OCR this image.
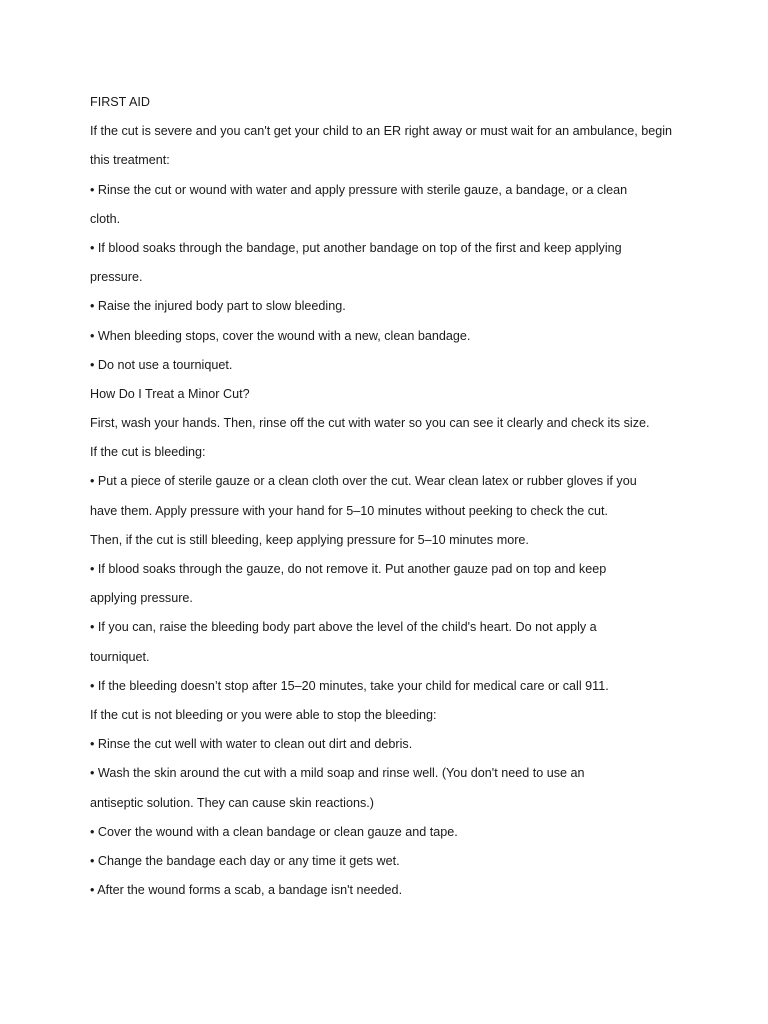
FIRST AID
If the cut is severe and you can't get your child to an ER right away or must wait for an ambulance, begin
this treatment:
• Rinse the cut or wound with water and apply pressure with sterile gauze, a bandage, or a clean
cloth.
• If blood soaks through the bandage, put another bandage on top of the first and keep applying
pressure.
• Raise the injured body part to slow bleeding.
• When bleeding stops, cover the wound with a new, clean bandage.
• Do not use a tourniquet.
How Do I Treat a Minor Cut?
First, wash your hands. Then, rinse off the cut with water so you can see it clearly and check its size.
If the cut is bleeding:
• Put a piece of sterile gauze or a clean cloth over the cut. Wear clean latex or rubber gloves if you
have them. Apply pressure with your hand for 5–10 minutes without peeking to check the cut.
Then, if the cut is still bleeding, keep applying pressure for 5–10 minutes more.
• If blood soaks through the gauze, do not remove it. Put another gauze pad on top and keep
applying pressure.
• If you can, raise the bleeding body part above the level of the child's heart. Do not apply a
tourniquet.
• If the bleeding doesn’t stop after 15–20 minutes, take your child for medical care or call 911.
If the cut is not bleeding or you were able to stop the bleeding:
• Rinse the cut well with water to clean out dirt and debris.
• Wash the skin around the cut with a mild soap and rinse well. (You don't need to use an
antiseptic solution. They can cause skin reactions.)
• Cover the wound with a clean bandage or clean gauze and tape.
• Change the bandage each day or any time it gets wet.
• After the wound forms a scab, a bandage isn't needed.
